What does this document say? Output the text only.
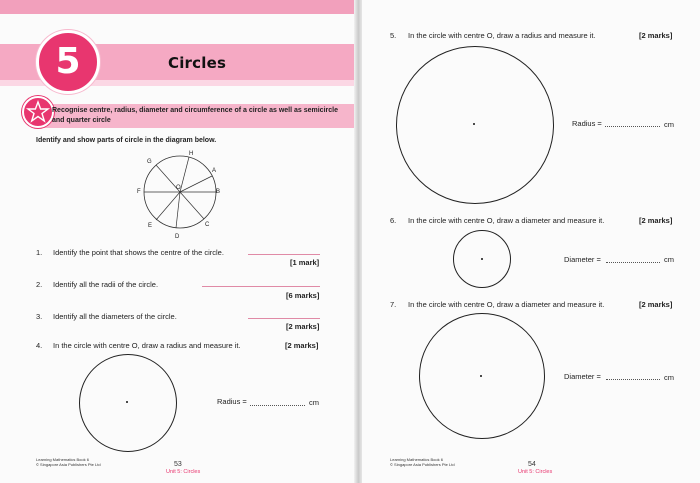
5	Circles
Recognise centre, radius, diameter and circumference of a circle as well as semicircle and quarter circle
Identify and show parts of circle in the diagram below.
H
A
B
C
D
E
F
G
O
1. Identify the point that shows the centre of the circle.
[1 mark]
2. Identify all the radii of the circle.
[6 marks]
3. Identify all the diameters of the circle.
[2 marks]
4. In the circle with centre O, draw a radius and measure it.	[2 marks]
Radius =	cm
Learning Mathematics Book 6
© Singapore Asia Publishers Pte Ltd	53
Unit 5: Circles
5. In the circle with centre O, draw a radius and measure it.	[2 marks]
Radius =	cm
6. In the circle with centre O, draw a diameter and measure it.	[2 marks]
Diameter =	cm
7. In the circle with centre O, draw a diameter and measure it.	[2 marks]
Diameter =	cm
Learning Mathematics Book 6
© Singapore Asia Publishers Pte Ltd	54
Unit 5: Circles
